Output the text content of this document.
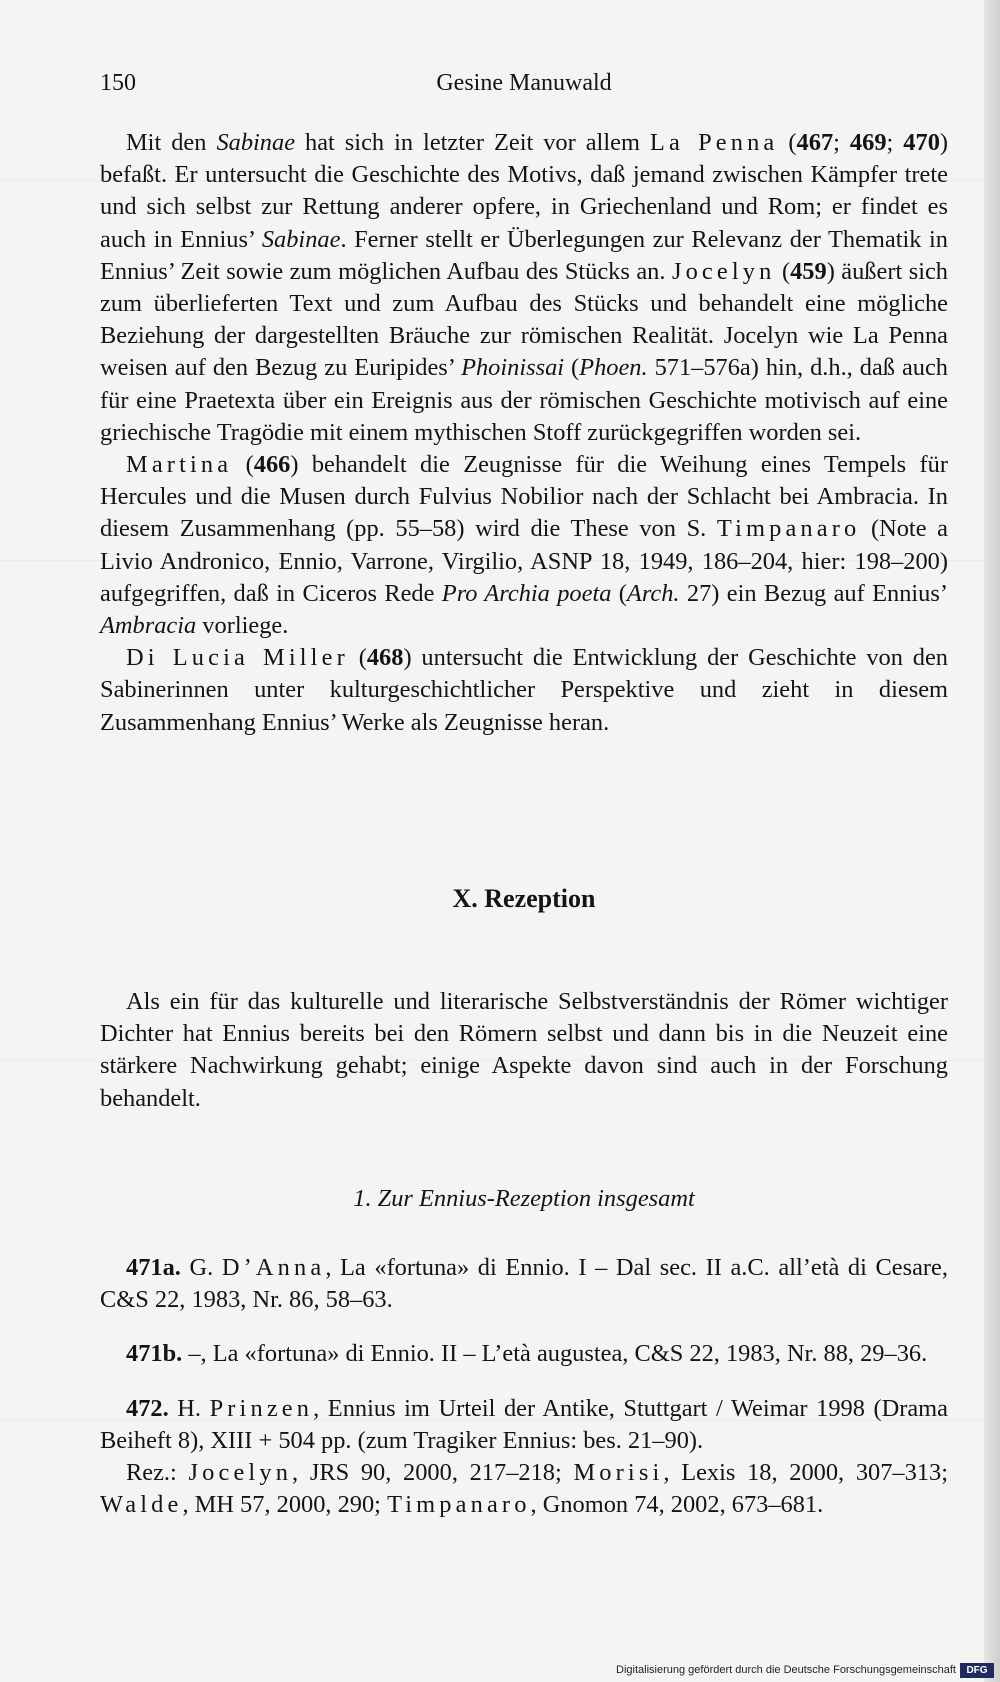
150	Gesine Manuwald

Mit den Sabinae hat sich in letzter Zeit vor allem La Penna (467; 469; 470) befaßt. Er untersucht die Geschichte des Motivs, daß jemand zwischen Kämpfer trete und sich selbst zur Rettung anderer opfere, in Griechenland und Rom; er findet es auch in Ennius’ Sabinae. Ferner stellt er Überlegungen zur Relevanz der Thematik in Ennius’ Zeit sowie zum möglichen Aufbau des Stücks an. Jocelyn (459) äußert sich zum überlieferten Text und zum Aufbau des Stücks und behandelt eine mögliche Beziehung der dargestellten Bräuche zur römischen Realität. Jocelyn wie La Penna weisen auf den Bezug zu Euripides’ Phoinissai (Phoen. 571–576a) hin, d.h., daß auch für eine Praetexta über ein Ereignis aus der römischen Geschichte motivisch auf eine griechische Tragödie mit einem mythischen Stoff zurückgegriffen worden sei.

Martina (466) behandelt die Zeugnisse für die Weihung eines Tempels für Hercules und die Musen durch Fulvius Nobilior nach der Schlacht bei Ambracia. In diesem Zusammenhang (pp. 55–58) wird die These von S. Timpanaro (Note a Livio Andronico, Ennio, Varrone, Virgilio, ASNP 18, 1949, 186–204, hier: 198–200) aufgegriffen, daß in Ciceros Rede Pro Archia poeta (Arch. 27) ein Bezug auf Ennius’ Ambracia vorliege.

Di Lucia Miller (468) untersucht die Entwicklung der Geschichte von den Sabinerinnen unter kulturgeschichtlicher Perspektive und zieht in diesem Zusammenhang Ennius’ Werke als Zeugnisse heran.

X. Rezeption

Als ein für das kulturelle und literarische Selbstverständnis der Römer wichtiger Dichter hat Ennius bereits bei den Römern selbst und dann bis in die Neuzeit eine stärkere Nachwirkung gehabt; einige Aspekte davon sind auch in der Forschung behandelt.

1. Zur Ennius-Rezeption insgesamt

471a. G. D’Anna, La «fortuna» di Ennio. I – Dal sec. II a.C. all’età di Cesare, C&S 22, 1983, Nr. 86, 58–63.

471b. –, La «fortuna» di Ennio. II – L’età augustea, C&S 22, 1983, Nr. 88, 29–36.

472. H. Prinzen, Ennius im Urteil der Antike, Stuttgart / Weimar 1998 (Drama Beiheft 8), XIII + 504 pp. (zum Tragiker Ennius: bes. 21–90).

Rez.: Jocelyn, JRS 90, 2000, 217–218; Morisi, Lexis 18, 2000, 307–313; Walde, MH 57, 2000, 290; Timpanaro, Gnomon 74, 2002, 673–681.

Digitalisierung gefördert durch die Deutsche Forschungsgemeinschaft	DFG
